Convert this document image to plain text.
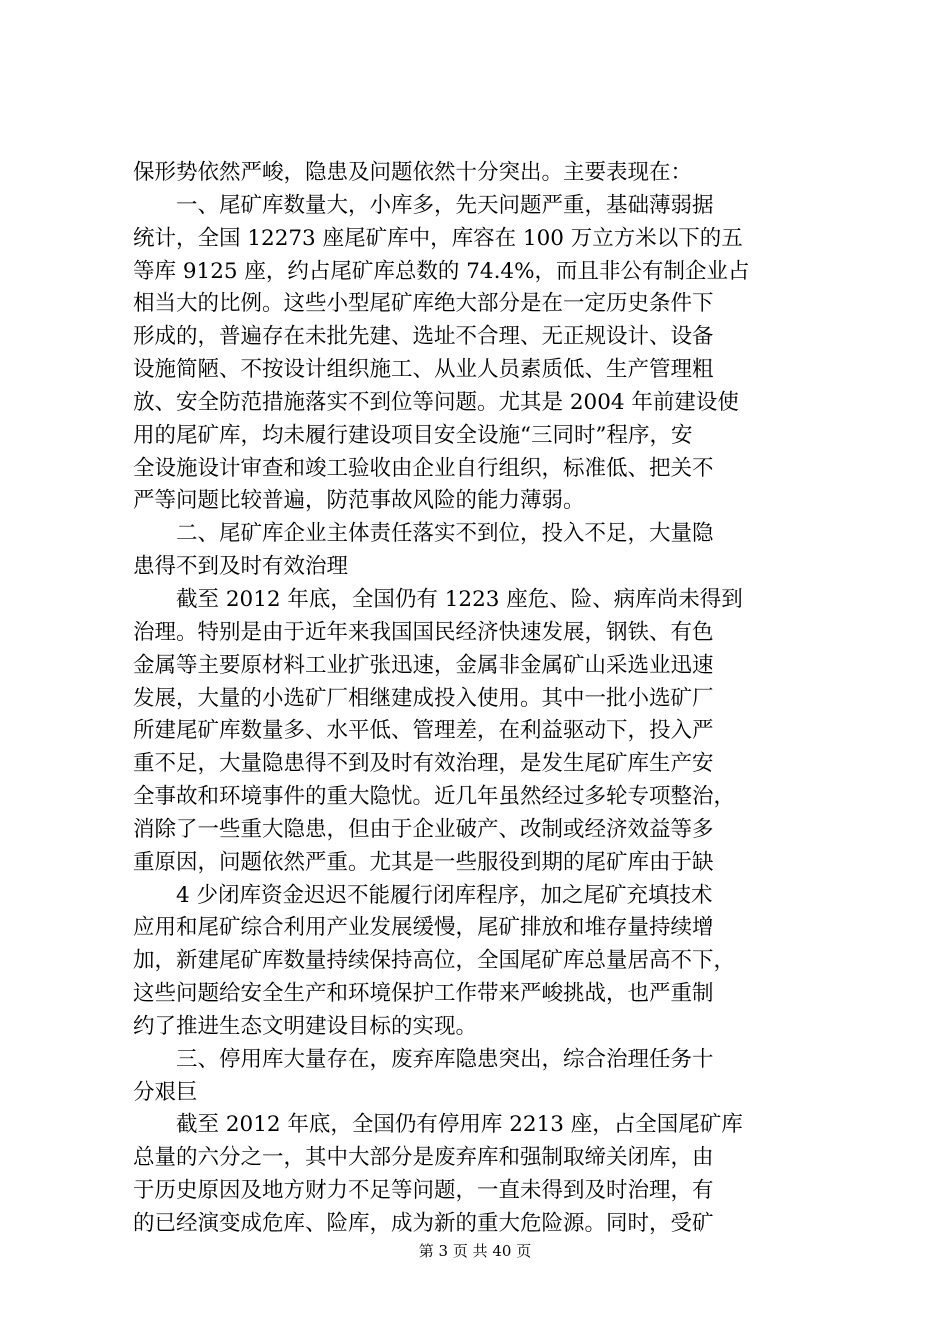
保形势依然严峻，隐患及问题依然十分突出。主要表现在：
　　一、尾矿库数量大，小库多，先天问题严重，基础薄弱据
统计，全国 12273 座尾矿库中，库容在 100 万立方米以下的五
等库 9125 座，约占尾矿库总数的 74.4%，而且非公有制企业占
相当大的比例。这些小型尾矿库绝大部分是在一定历史条件下
形成的，普遍存在未批先建、选址不合理、无正规设计、设备
设施简陋、不按设计组织施工、从业人员素质低、生产管理粗
放、安全防范措施落实不到位等问题。尤其是 2004 年前建设使
用的尾矿库，均未履行建设项目安全设施“三同时”程序，安
全设施设计审查和竣工验收由企业自行组织，标准低、把关不
严等问题比较普遍，防范事故风险的能力薄弱。
　　二、尾矿库企业主体责任落实不到位，投入不足，大量隐
患得不到及时有效治理
　　截至 2012 年底，全国仍有 1223 座危、险、病库尚未得到
治理。特别是由于近年来我国国民经济快速发展，钢铁、有色
金属等主要原材料工业扩张迅速，金属非金属矿山采选业迅速
发展，大量的小选矿厂相继建成投入使用。其中一批小选矿厂
所建尾矿库数量多、水平低、管理差，在利益驱动下，投入严
重不足，大量隐患得不到及时有效治理，是发生尾矿库生产安
全事故和环境事件的重大隐忧。近几年虽然经过多轮专项整治，
消除了一些重大隐患，但由于企业破产、改制或经济效益等多
重原因，问题依然严重。尤其是一些服役到期的尾矿库由于缺
　　4 少闭库资金迟迟不能履行闭库程序，加之尾矿充填技术
应用和尾矿综合利用产业发展缓慢，尾矿排放和堆存量持续增
加，新建尾矿库数量持续保持高位，全国尾矿库总量居高不下，
这些问题给安全生产和环境保护工作带来严峻挑战，也严重制
约了推进生态文明建设目标的实现。
　　三、停用库大量存在，废弃库隐患突出，综合治理任务十
分艰巨
　　截至 2012 年底，全国仍有停用库 2213 座，占全国尾矿库
总量的六分之一，其中大部分是废弃库和强制取缔关闭库，由
于历史原因及地方财力不足等问题，一直未得到及时治理，有
的已经演变成危库、险库，成为新的重大危险源。同时，受矿
第 3 页 共 40 页
